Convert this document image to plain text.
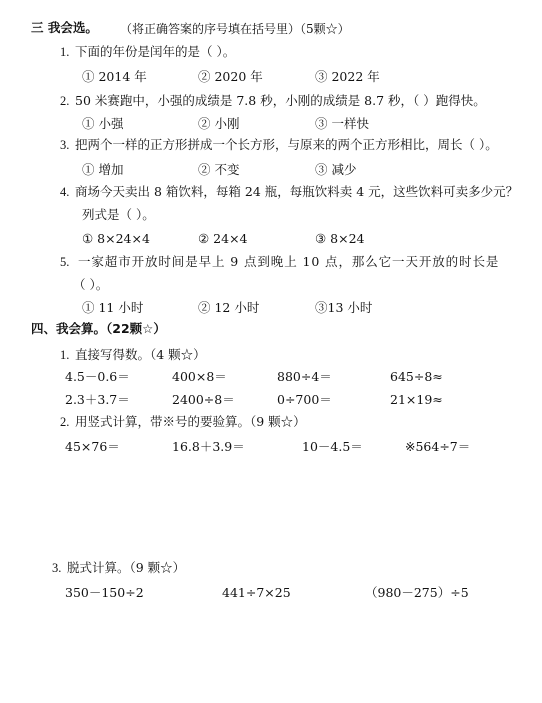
三 我会选。 （将正确答案的序号填在括号里）（5颗☆）
1. 下面的年份是闰年的是（ ）。
① 2014 年	② 2020 年	③ 2022 年
2. 50 米赛跑中，小强的成绩是 7.8 秒，小刚的成绩是 8.7 秒，（ ）跑得快。
① 小强	② 小刚	③ 一样快
3. 把两个一样的正方形拼成一个长方形，与原来的两个正方形相比，周长（ ）。
① 增加	② 不变	③ 减少
4. 商场今天卖出 8 箱饮料，每箱 24 瓶，每瓶饮料卖 4 元，这些饮料可卖多少元？
列式是（ ）。
① 8×24×4	② 24×4	③ 8×24
5. 一家超市开放时间是早上 9 点到晚上 10 点，那么它一天开放的时长是
（ ）。
① 11 小时	② 12 小时	③13 小时
四、我会算。（22颗☆）
1. 直接写得数。（4 颗☆）
4.5－0.6＝	400×8＝	880÷4＝	645÷8≈
2.3＋3.7＝	2400÷8＝	0÷700＝	21×19≈
2. 用竖式计算，带※号的要验算。（9 颗☆）
45×76＝	16.8＋3.9＝	10－4.5＝	※564÷7＝
3. 脱式计算。（9 颗☆）
350－150÷2	441÷7×25	（980－275）÷5
